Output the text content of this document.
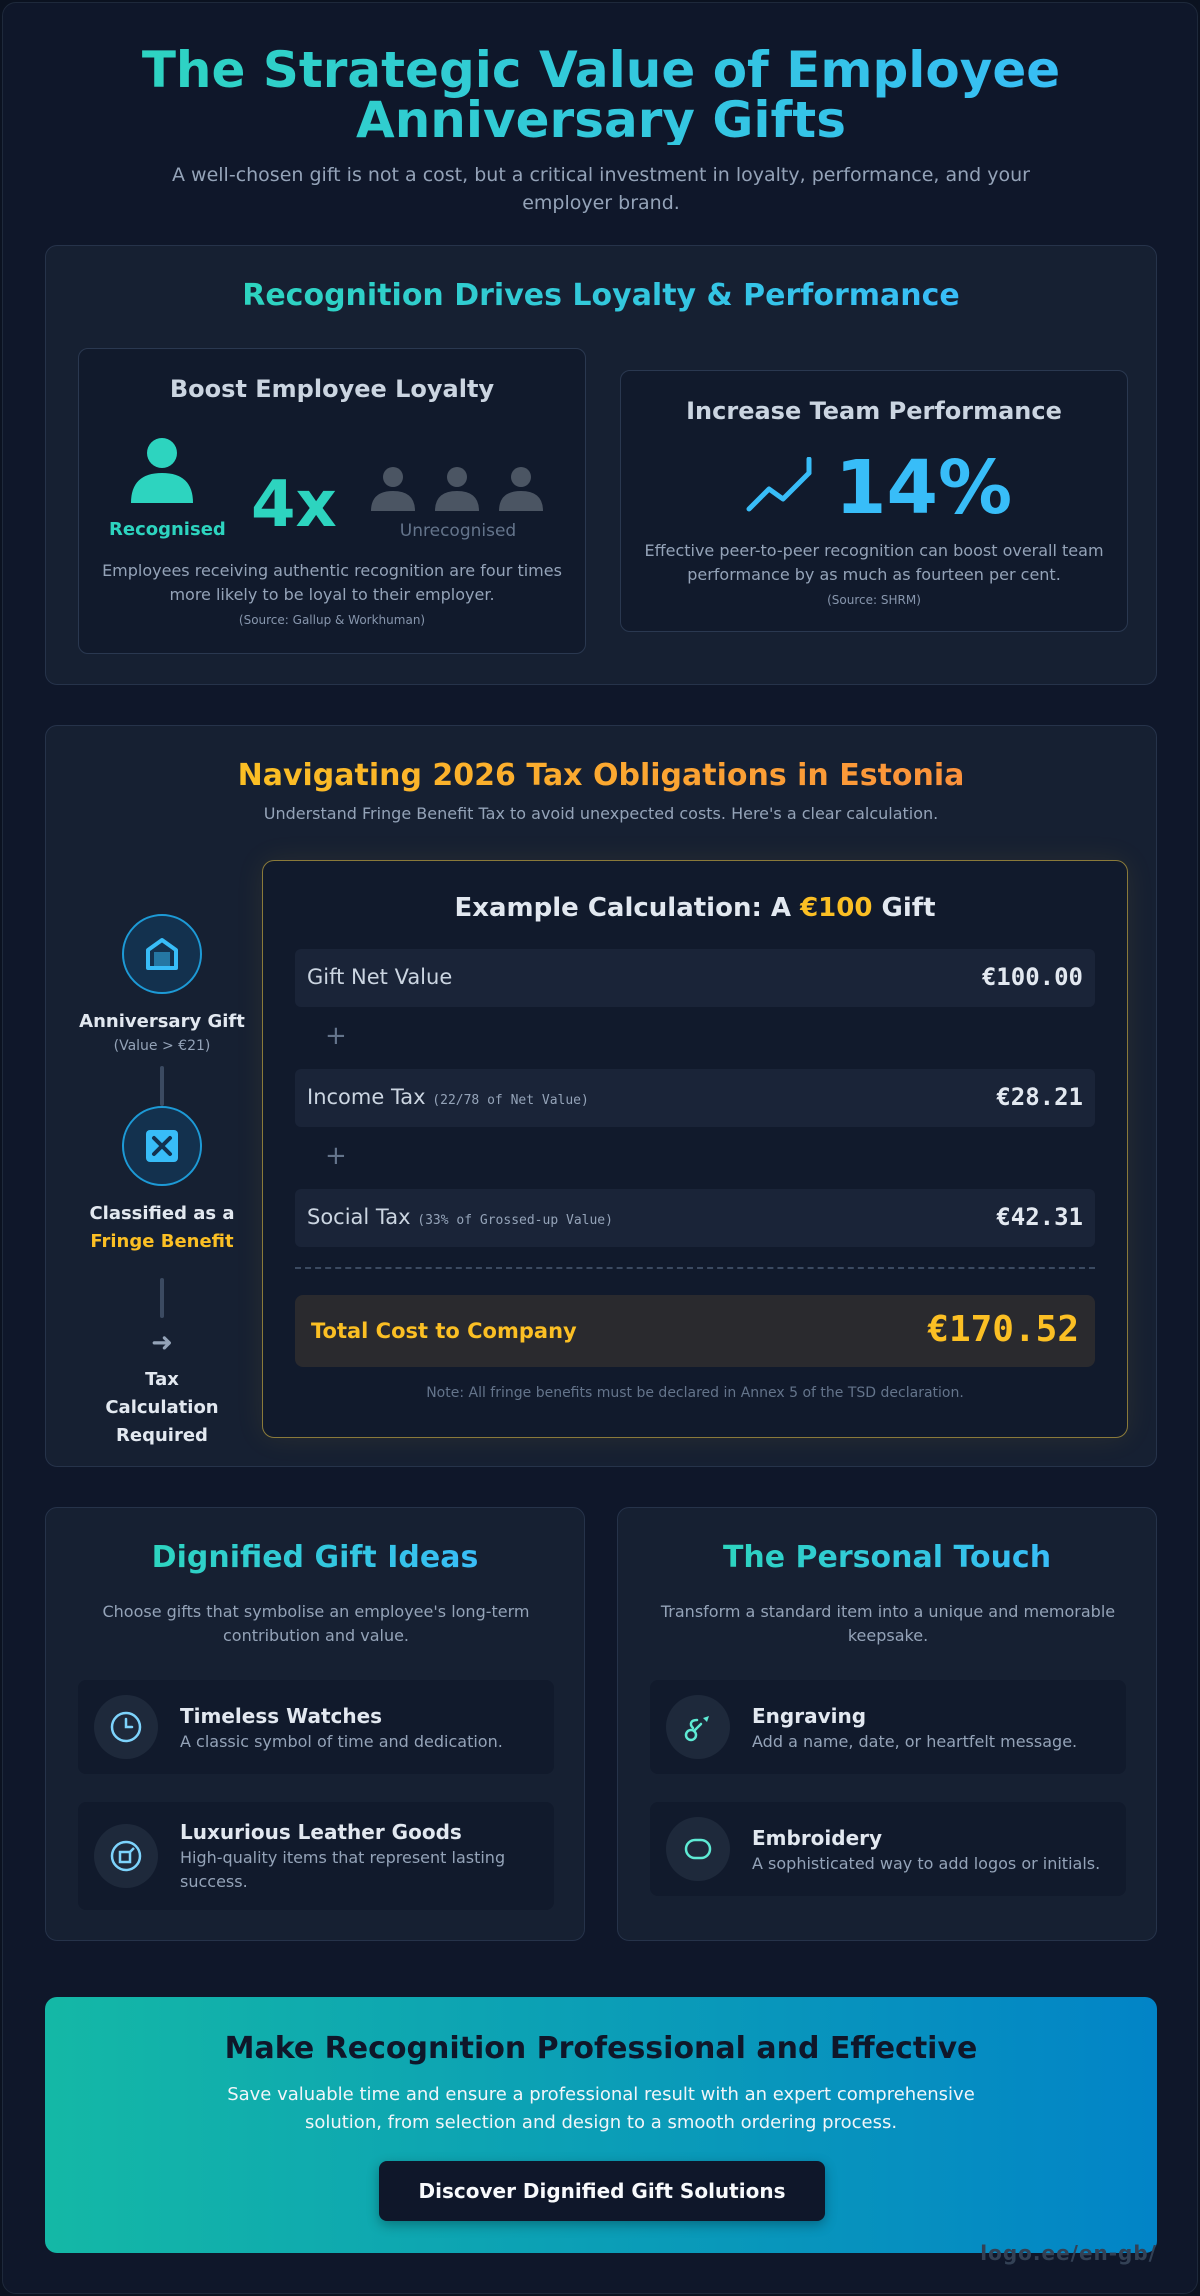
The Strategic Value of Employee Anniversary Gifts

A well-chosen gift is not a cost, but a critical investment in loyalty, performance, and your employer brand.

Recognition Drives Loyalty & Performance
Boost Employee Loyalty
Recognised 4x	Unrecognised
Employees receiving authentic recognition are four times more likely to be loyal to their employer.
(Source: Gallup & Workhuman)
Increase Team Performance
14%
Effective peer-to-peer recognition can boost overall team performance by as much as fourteen per cent.
(Source: SHRM)
Navigating 2026 Tax Obligations in Estonia
Understand Fringe Benefit Tax to avoid unexpected costs. Here's a clear calculation.
Anniversary Gift
(Value > €21)
Classified as a
Fringe Benefit
➜
Tax Calculation Required
Example Calculation: A €100 Gift
Gift Net Value	€100.00
+
Income Tax (22/78 of Net Value)	€28.21
+
Social Tax (33% of Grossed-up Value)	€42.31
Total Cost to Company	€170.52
Note: All fringe benefits must be declared in Annex 5 of the TSD declaration.
Dignified Gift Ideas
Choose gifts that symbolise an employee's long-term contribution and value.
Timeless Watches
A classic symbol of time and dedication.
Luxurious Leather Goods
High-quality items that represent lasting success.
The Personal Touch
Transform a standard item into a unique and memorable keepsake.
Engraving
Add a name, date, or heartfelt message.
Embroidery
A sophisticated way to add logos or initials.
Make Recognition Professional and Effective

Save valuable time and ensure a professional result with an expert comprehensive solution, from selection and design to a smooth ordering process.

Discover Dignified Gift Solutions
logo.ee/en-gb/
